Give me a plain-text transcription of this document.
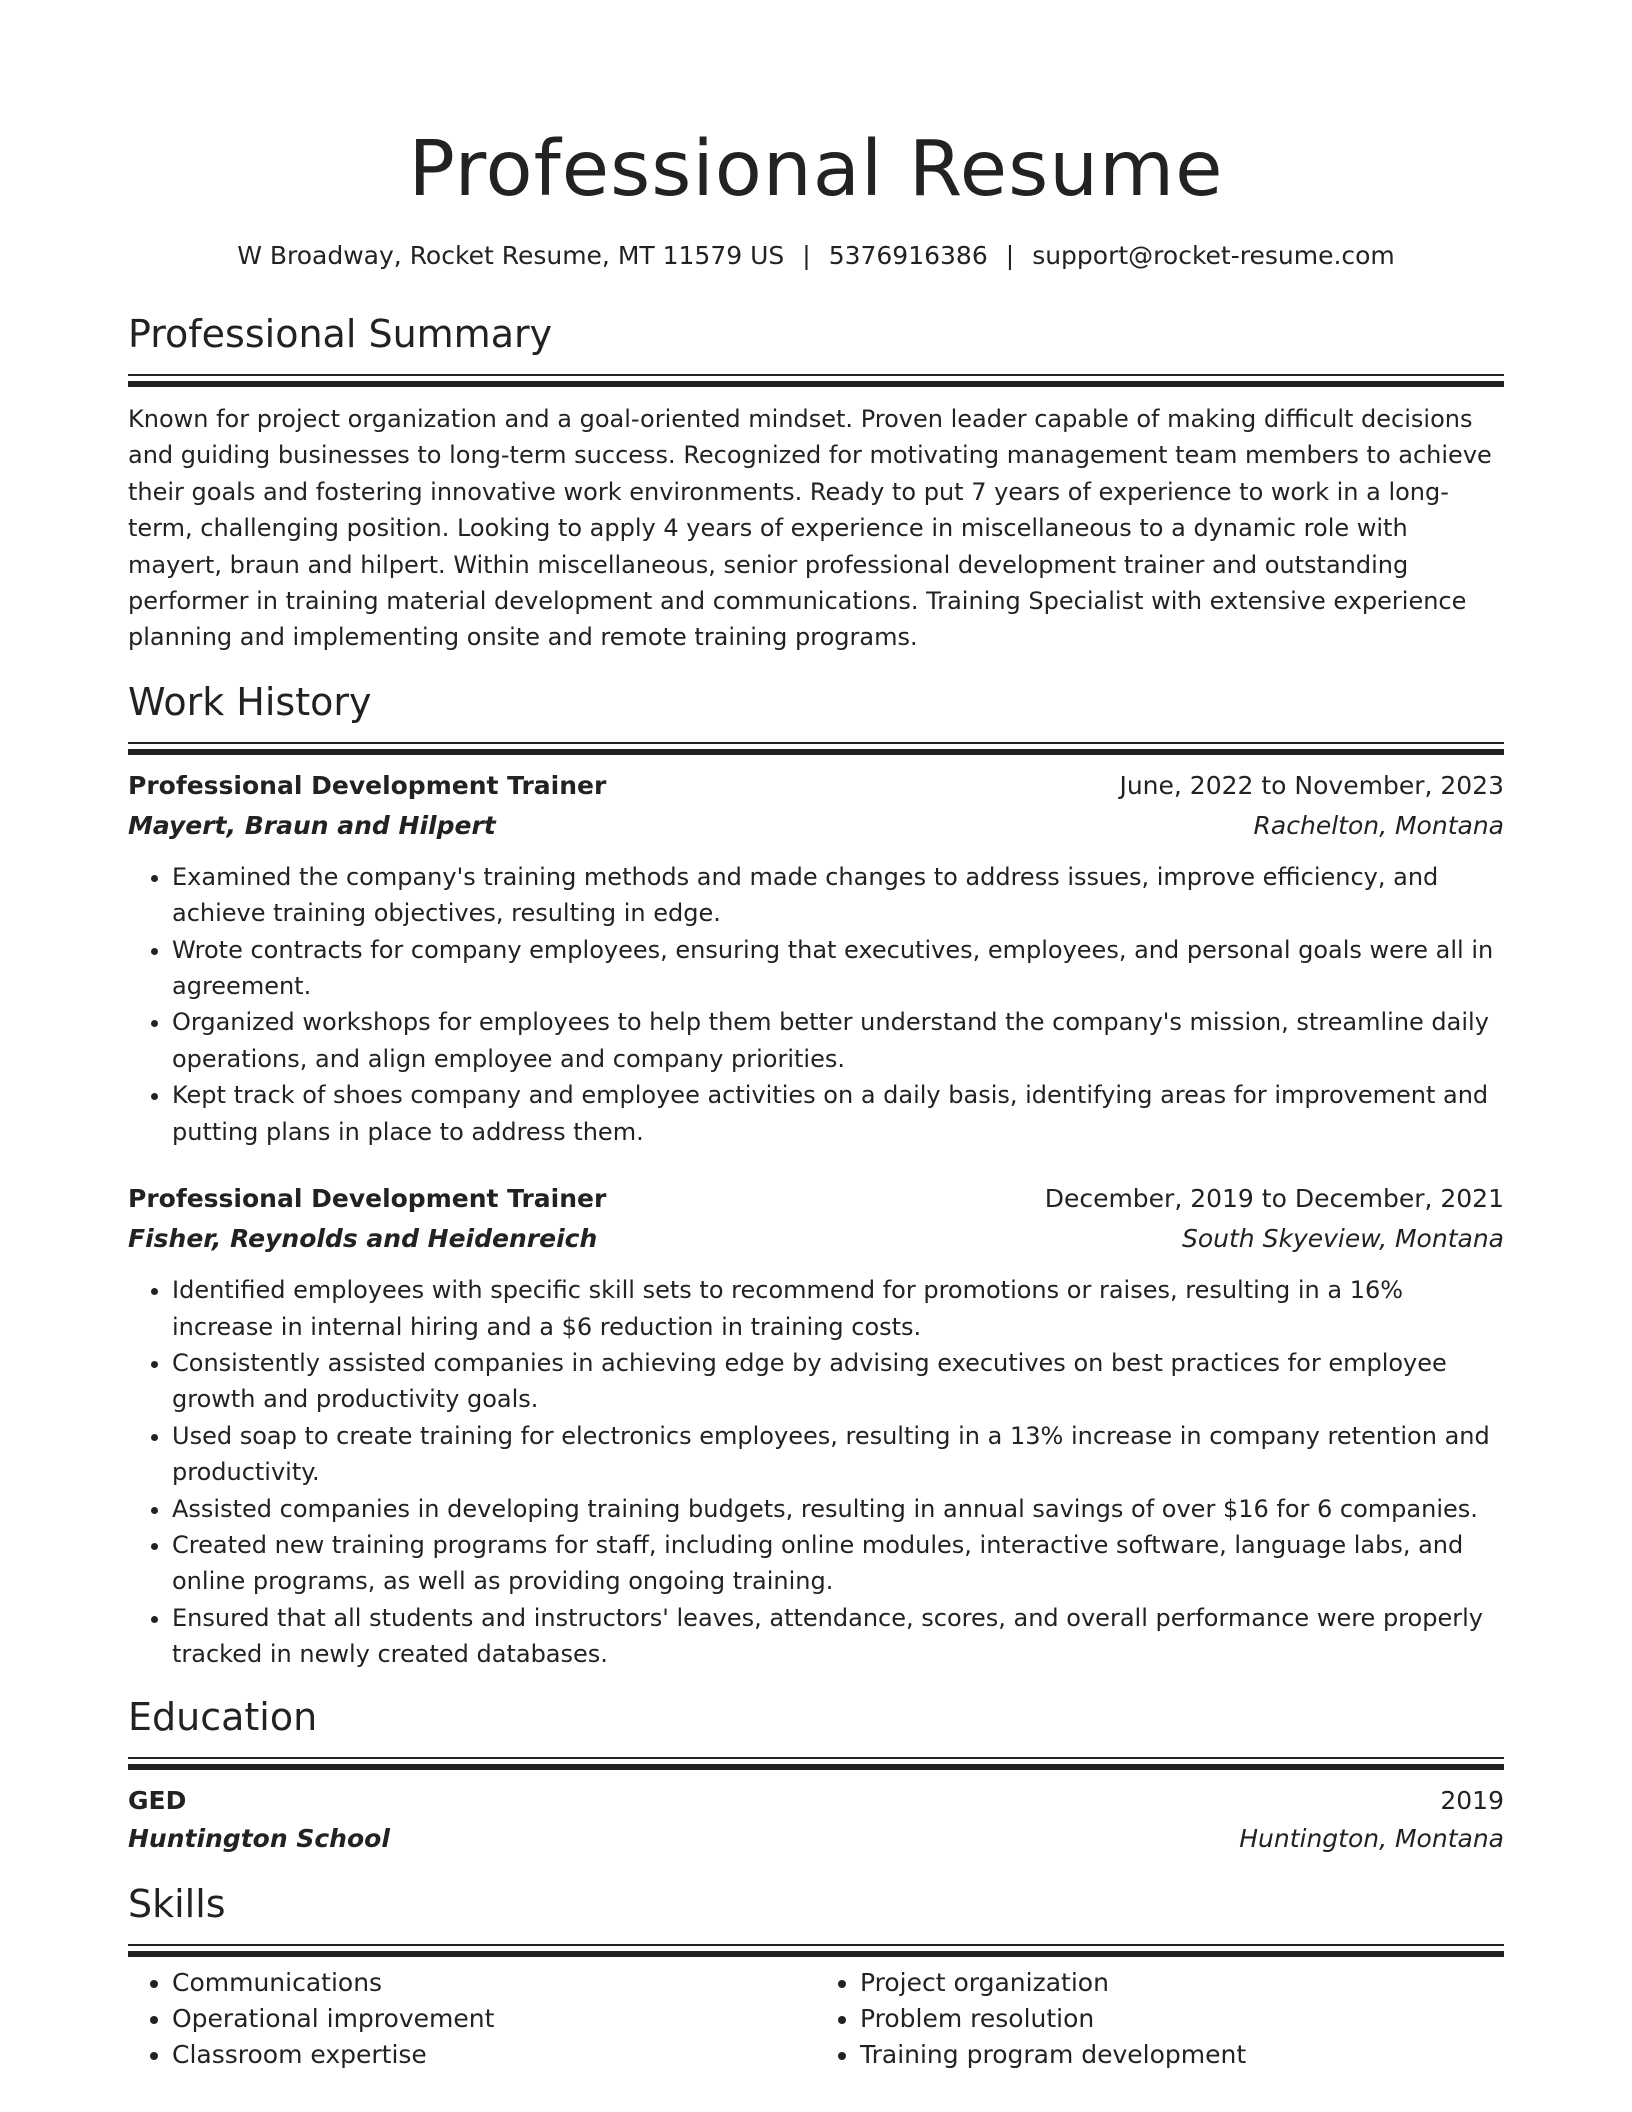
Professional Resume
W Broadway, Rocket Resume, MT 11579 US | 5376916386 | support@rocket-resume.com
Professional Summary

Known for project organization and a goal-oriented mindset. Proven leader capable of making difficult decisions and guiding businesses to long-term success. Recognized for motivating management team members to achieve their goals and fostering innovative work environments. Ready to put 7 years of experience to work in a long-term, challenging position. Looking to apply 4 years of experience in miscellaneous to a dynamic role with mayert, braun and hilpert. Within miscellaneous, senior professional development trainer and outstanding performer in training material development and communications. Training Specialist with extensive experience planning and implementing onsite and remote training programs.

Work History
Professional Development Trainer	June, 2022 to November, 2023
Mayert, Braun and Hilpert	Rachelton, Montana
• Examined the company's training methods and made changes to address issues, improve efficiency, and achieve training objectives, resulting in edge.
• Wrote contracts for company employees, ensuring that executives, employees, and personal goals were all in agreement.
• Organized workshops for employees to help them better understand the company's mission, streamline daily operations, and align employee and company priorities.
• Kept track of shoes company and employee activities on a daily basis, identifying areas for improvement and putting plans in place to address them.
Professional Development Trainer	December, 2019 to December, 2021
Fisher, Reynolds and Heidenreich	South Skyeview, Montana
• Identified employees with specific skill sets to recommend for promotions or raises, resulting in a 16% increase in internal hiring and a $6 reduction in training costs.
• Consistently assisted companies in achieving edge by advising executives on best practices for employee growth and productivity goals.
• Used soap to create training for electronics employees, resulting in a 13% increase in company retention and productivity.
• Assisted companies in developing training budgets, resulting in annual savings of over $16 for 6 companies.
• Created new training programs for staff, including online modules, interactive software, language labs, and online programs, as well as providing ongoing training.
• Ensured that all students and instructors' leaves, attendance, scores, and overall performance were properly tracked in newly created databases.
Education
GED	2019
Huntington School	Huntington, Montana
Skills
• Communications
• Operational improvement
• Classroom expertise
• Project organization
• Problem resolution
• Training program development
